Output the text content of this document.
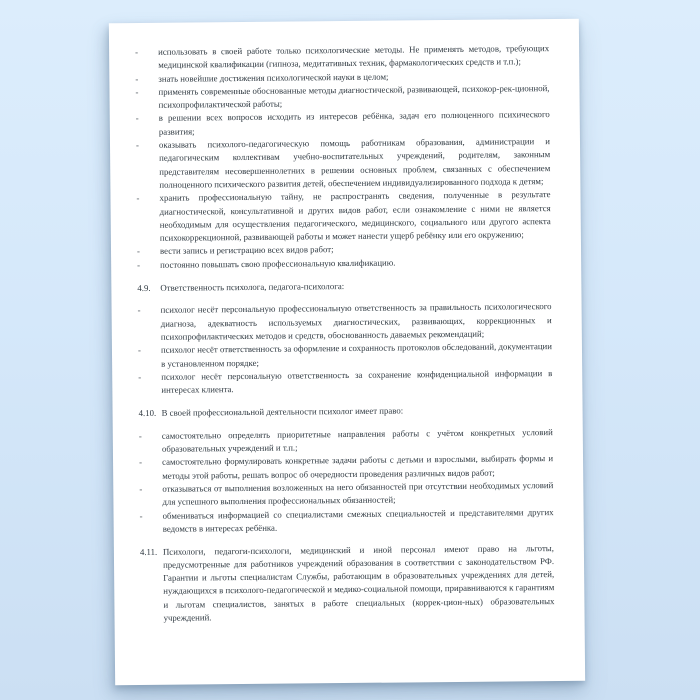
-	использовать в своей работе только психологические методы. Не применять методов, требующих медицинской квалификации (гипноза, медитативных техник, фармакологических средств и т.п.);

-	знать новейшие достижения психологической науки в целом;

-	применять современные обоснованные методы диагностической, развивающей, психокор-рек-ционной, психопрофилактической работы;

-	в решении всех вопросов исходить из интересов ребёнка, задач его полноценного психического развития;

-	оказывать психолого-педагогическую помощь работникам образования, администрации и педагогическим коллективам учебно-воспитательных учреждений, родителям, законным представителям несовершеннолетних в решении основных проблем, связанных с обеспечением полноценного психического развития детей, обеспечением индивидуализированного подхода к детям;

-	хранить профессиональную тайну, не распространять сведения, полученные в результате диагностической, консультативной и других видов работ, если ознакомление с ними не является необходимым для осуществления педагогического, медицинского, социального или другого аспекта психокоррекционной, развивающей работы и может нанести ущерб ребёнку или его окружению;

-	вести запись и регистрацию всех видов работ;

-	постоянно повышать свою профессиональную квалификацию.

4.9.	Ответственность психолога, педагога-психолога:

-	психолог несёт персональную профессиональную ответственность за правильность психологического диагноза, адекватность используемых диагностических, развивающих, коррекционных и психопрофилактических методов и средств, обоснованность даваемых рекомендаций;

-	психолог несёт ответственность за оформление и сохранность протоколов обследований, документации в установленном порядке;

-	психолог несёт персональную ответственность за сохранение конфиденциальной информации в интересах клиента.

4.10. В своей профессиональной деятельности психолог имеет право:

-	самостоятельно определять приоритетные направления работы с учётом конкретных условий образовательных учреждений и т.п.;

-	самостоятельно формулировать конкретные задачи работы с детьми и взрослыми, выбирать формы и методы этой работы, решать вопрос об очередности проведения различных видов работ;

-	отказываться от выполнения возложенных на него обязанностей при отсутствии необходимых условий для успешного выполнения профессиональных обязанностей;

-	обмениваться информацией со специалистами смежных специальностей и представителями других ведомств в интересах ребёнка.

4.11. Психологи, педагоги-психологи, медицинский и иной персонал имеют право на льготы, предусмотренные для работников учреждений образования в соответствии с законодательством РФ. Гарантии и льготы специалистам Службы, работающим в образовательных учреждениях для детей, нуждающихся в психолого-педагогической и медико-социальной помощи, приравниваются к гарантиям и льготам специалистов, занятых в работе специальных (коррек-цион-ных) образовательных учреждений.
